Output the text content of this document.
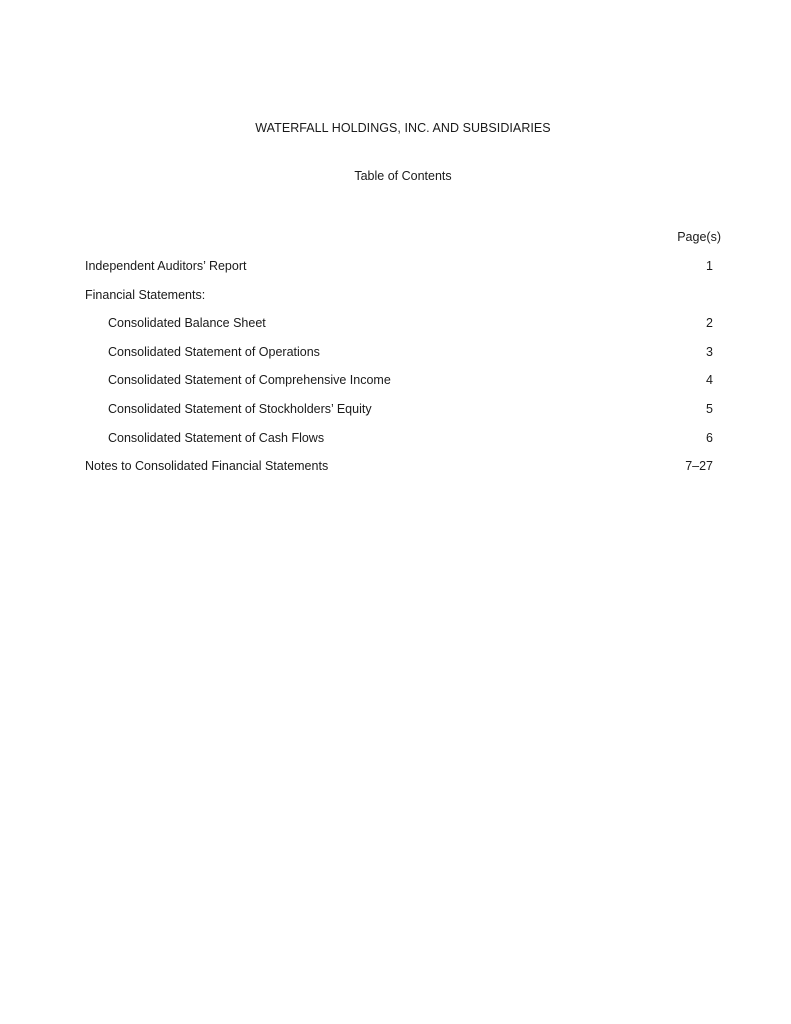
WATERFALL HOLDINGS, INC. AND SUBSIDIARIES
Table of Contents
Page(s)
Independent Auditors’ Report	1
Financial Statements:
Consolidated Balance Sheet	2
Consolidated Statement of Operations	3
Consolidated Statement of Comprehensive Income	4
Consolidated Statement of Stockholders’ Equity	5
Consolidated Statement of Cash Flows	6
Notes to Consolidated Financial Statements	7–27
